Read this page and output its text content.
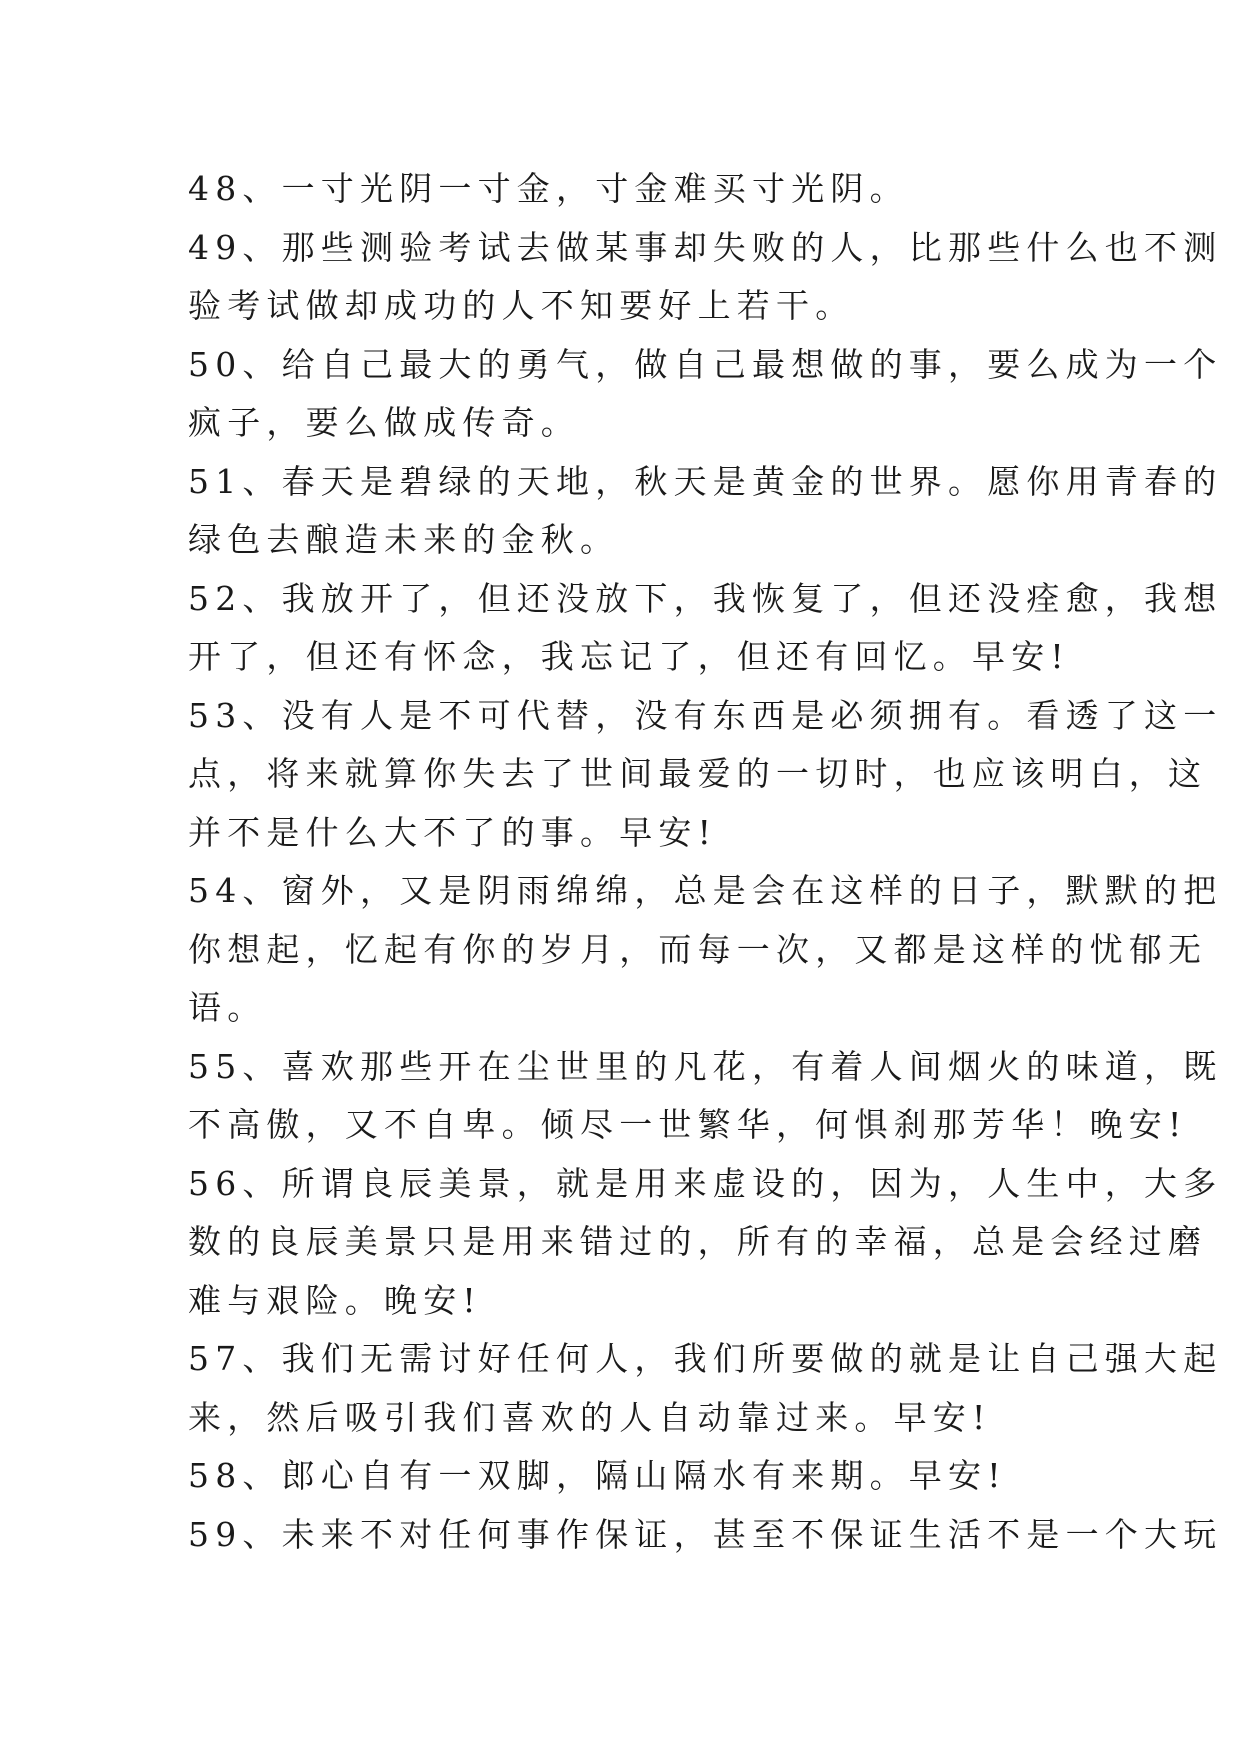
48、一寸光阴一寸金，寸金难买寸光阴。
49、那些测验考试去做某事却失败的人，比那些什么也不测
验考试做却成功的人不知要好上若干。
50、给自己最大的勇气，做自己最想做的事，要么成为一个
疯子，要么做成传奇。
51、春天是碧绿的天地，秋天是黄金的世界。愿你用青春的
绿色去酿造未来的金秋。
52、我放开了，但还没放下，我恢复了，但还没痊愈，我想
开了，但还有怀念，我忘记了，但还有回忆。早安!
53、没有人是不可代替，没有东西是必须拥有。看透了这一
点，将来就算你失去了世间最爱的一切时，也应该明白，这
并不是什么大不了的事。早安!
54、窗外，又是阴雨绵绵，总是会在这样的日子，默默的把
你想起，忆起有你的岁月，而每一次，又都是这样的忧郁无
语。
55、喜欢那些开在尘世里的凡花，有着人间烟火的味道，既
不高傲，又不自卑。倾尽一世繁华，何惧刹那芳华！晚安!
56、所谓良辰美景，就是用来虚设的，因为，人生中，大多
数的良辰美景只是用来错过的，所有的幸福，总是会经过磨
难与艰险。晚安!
57、我们无需讨好任何人，我们所要做的就是让自己强大起
来，然后吸引我们喜欢的人自动靠过来。早安!
58、郎心自有一双脚，隔山隔水有来期。早安!
59、未来不对任何事作保证，甚至不保证生活不是一个大玩
